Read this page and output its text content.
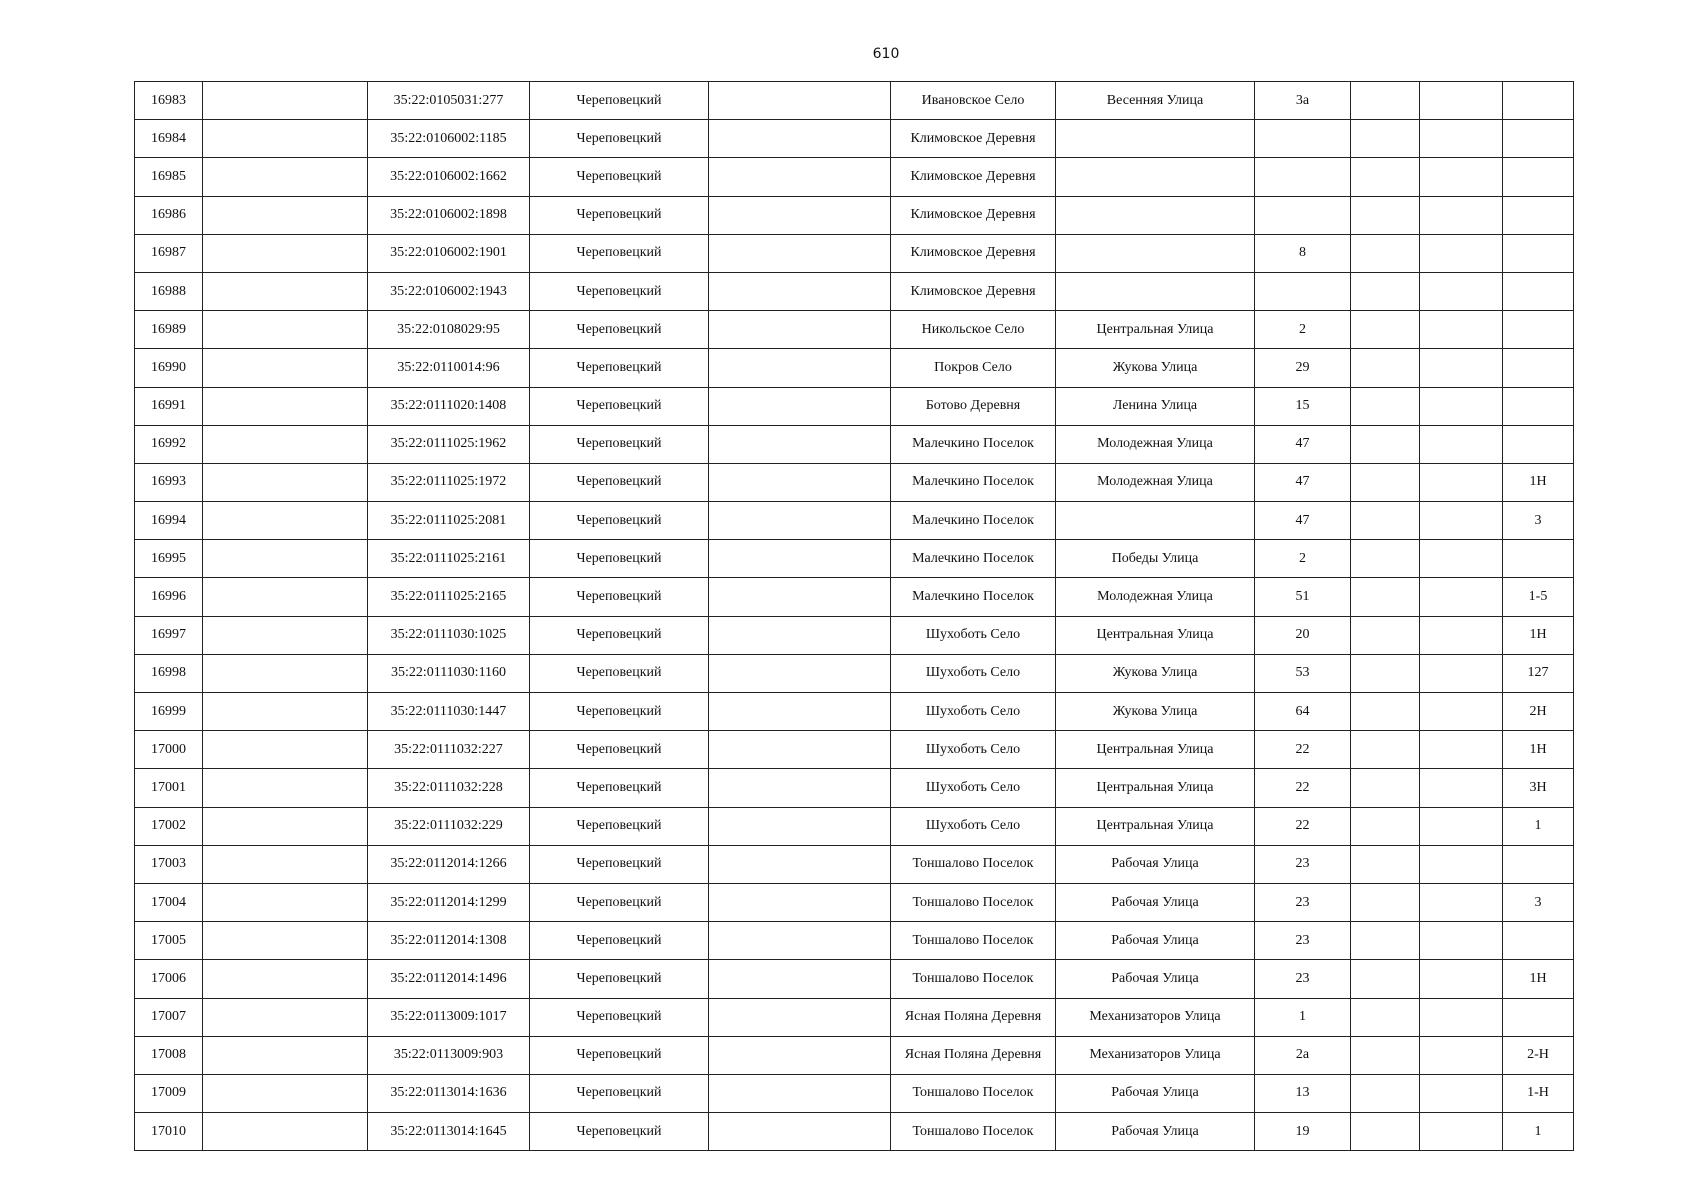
610
16983		35:22:0105031:277	Череповецкий		Ивановское Село	Весенняя Улица	3а			
16984		35:22:0106002:1185	Череповецкий		Климовское Деревня					
16985		35:22:0106002:1662	Череповецкий		Климовское Деревня					
16986		35:22:0106002:1898	Череповецкий		Климовское Деревня					
16987		35:22:0106002:1901	Череповецкий		Климовское Деревня		8			
16988		35:22:0106002:1943	Череповецкий		Климовское Деревня					
16989		35:22:0108029:95	Череповецкий		Никольское Село	Центральная Улица	2			
16990		35:22:0110014:96	Череповецкий		Покров Село	Жукова Улица	29			
16991		35:22:0111020:1408	Череповецкий		Ботово Деревня	Ленина Улица	15			
16992		35:22:0111025:1962	Череповецкий		Малечкино Поселок	Молодежная Улица	47			
16993		35:22:0111025:1972	Череповецкий		Малечкино Поселок	Молодежная Улица	47			1Н
16994		35:22:0111025:2081	Череповецкий		Малечкино Поселок		47			3
16995		35:22:0111025:2161	Череповецкий		Малечкино Поселок	Победы Улица	2			
16996		35:22:0111025:2165	Череповецкий		Малечкино Поселок	Молодежная Улица	51			1-5
16997		35:22:0111030:1025	Череповецкий		Шухоботь Село	Центральная Улица	20			1Н
16998		35:22:0111030:1160	Череповецкий		Шухоботь Село	Жукова Улица	53			127
16999		35:22:0111030:1447	Череповецкий		Шухоботь Село	Жукова Улица	64			2Н
17000		35:22:0111032:227	Череповецкий		Шухоботь Село	Центральная Улица	22			1Н
17001		35:22:0111032:228	Череповецкий		Шухоботь Село	Центральная Улица	22			3Н
17002		35:22:0111032:229	Череповецкий		Шухоботь Село	Центральная Улица	22			1
17003		35:22:0112014:1266	Череповецкий		Тоншалово Поселок	Рабочая Улица	23			
17004		35:22:0112014:1299	Череповецкий		Тоншалово Поселок	Рабочая Улица	23			3
17005		35:22:0112014:1308	Череповецкий		Тоншалово Поселок	Рабочая Улица	23			
17006		35:22:0112014:1496	Череповецкий		Тоншалово Поселок	Рабочая Улица	23			1Н
17007		35:22:0113009:1017	Череповецкий		Ясная Поляна Деревня	Механизаторов Улица	1			
17008		35:22:0113009:903	Череповецкий		Ясная Поляна Деревня	Механизаторов Улица	2а			2-Н
17009		35:22:0113014:1636	Череповецкий		Тоншалово Поселок	Рабочая Улица	13			1-Н
17010		35:22:0113014:1645	Череповецкий		Тоншалово Поселок	Рабочая Улица	19			1
